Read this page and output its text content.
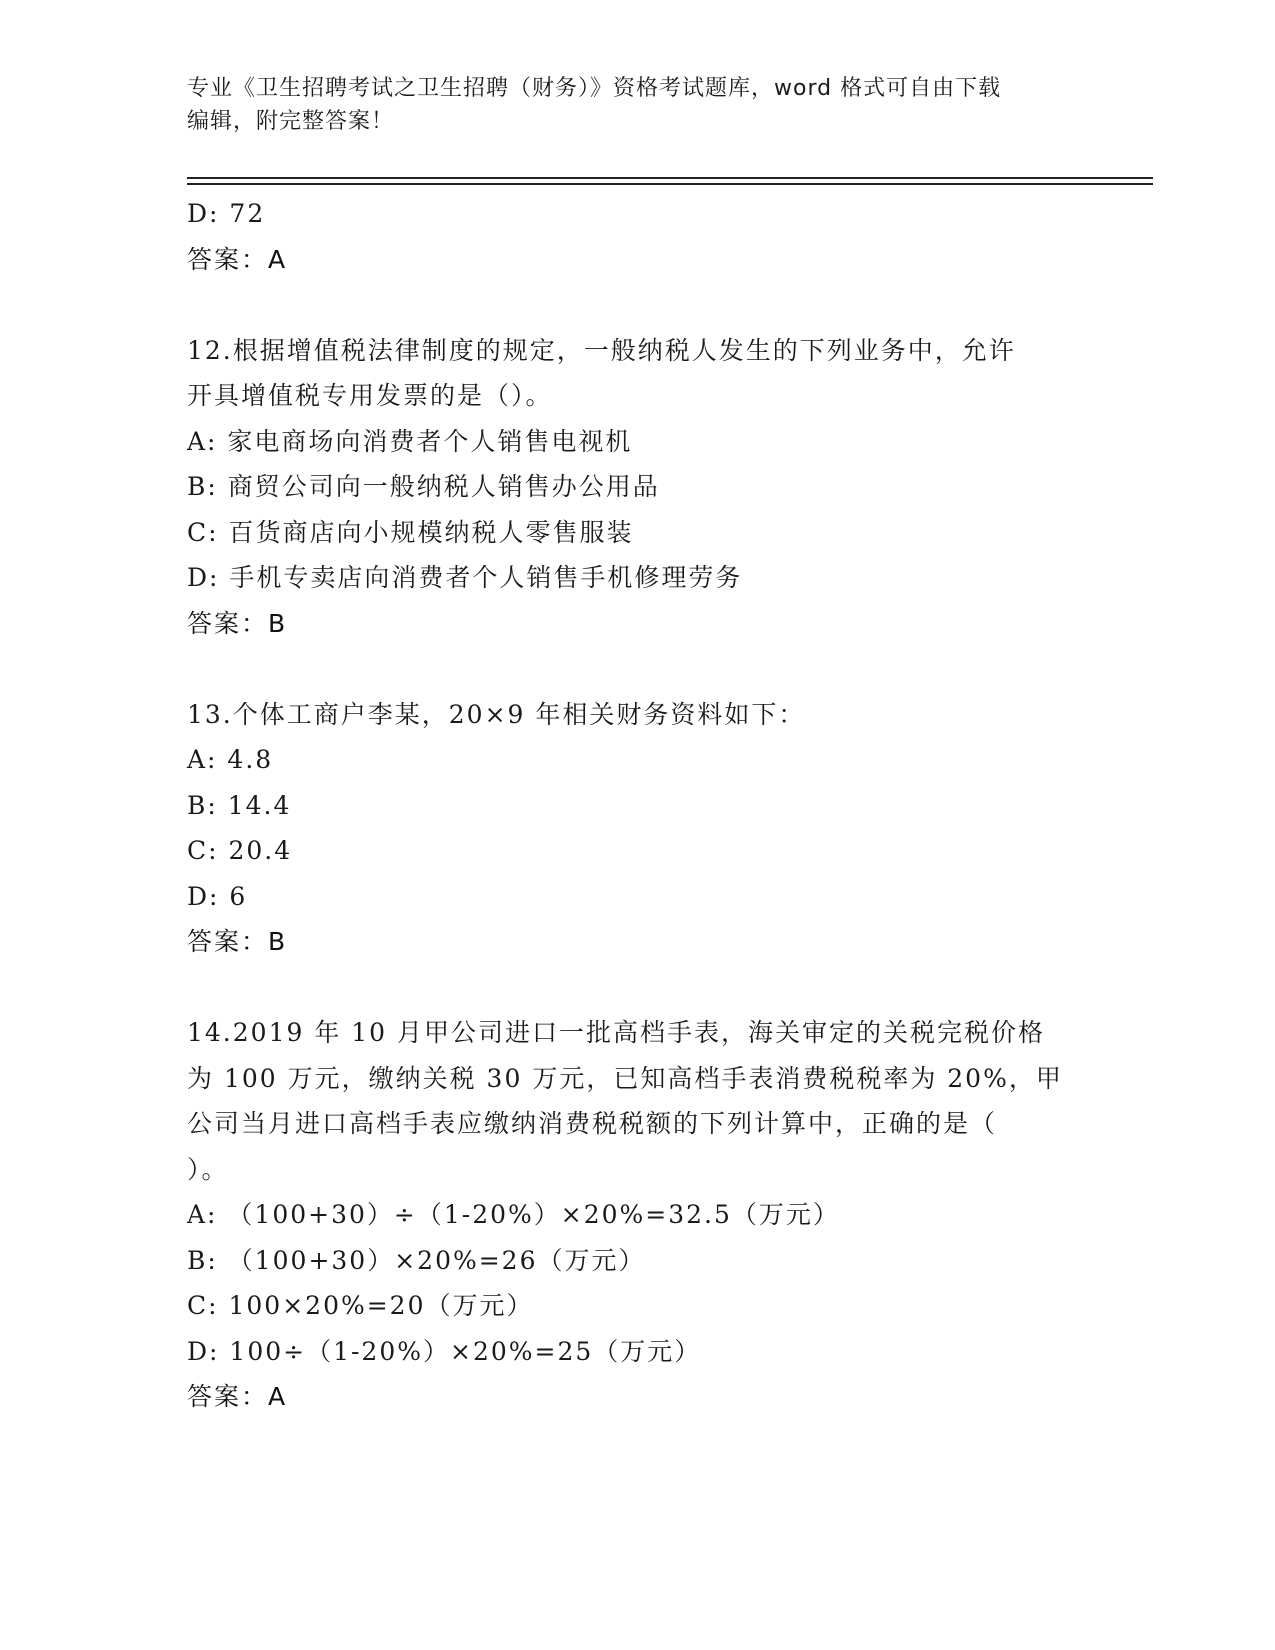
专业《卫生招聘考试之卫生招聘（财务）》资格考试题库，word 格式可自由下载
编辑，附完整答案！
D: 72
答案：A
12.根据增值税法律制度的规定，一般纳税人发生的下列业务中，允许
开具增值税专用发票的是（）。
A: 家电商场向消费者个人销售电视机
B: 商贸公司向一般纳税人销售办公用品
C: 百货商店向小规模纳税人零售服装
D: 手机专卖店向消费者个人销售手机修理劳务
答案：B
13.个体工商户李某，20×9 年相关财务资料如下：
A: 4.8
B: 14.4
C: 20.4
D: 6
答案：B
14.2019 年 10 月甲公司进口一批高档手表，海关审定的关税完税价格
为 100 万元，缴纳关税 30 万元，已知高档手表消费税税率为 20%，甲
公司当月进口高档手表应缴纳消费税税额的下列计算中，正确的是（
）。
A: （100+30）÷（1-20%）×20%=32.5（万元）
B: （100+30）×20%=26（万元）
C: 100×20%=20（万元）
D: 100÷（1-20%）×20%=25（万元）
答案：A
